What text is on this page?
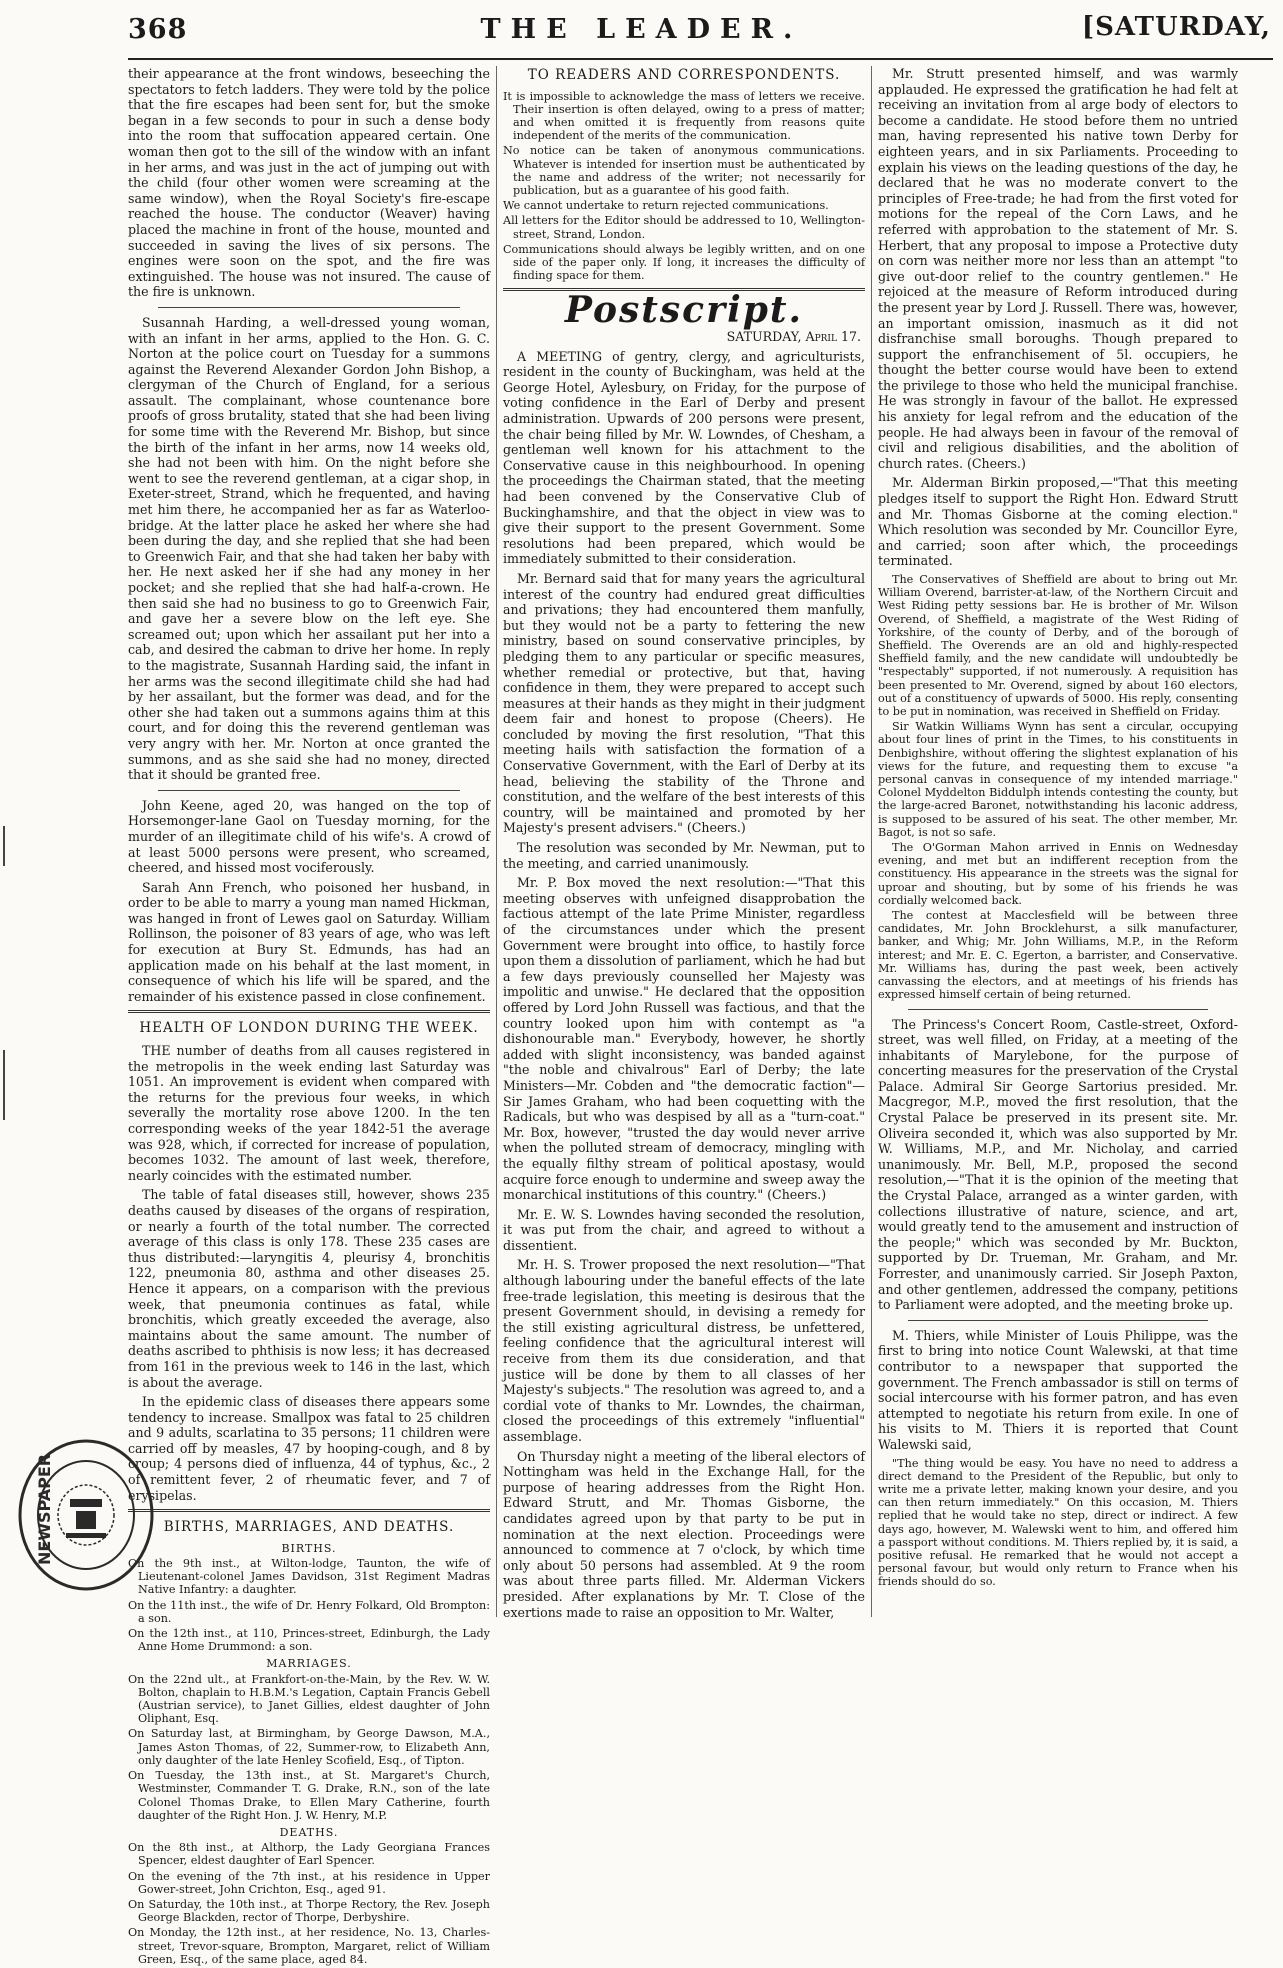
368	THE LEADER.	[SATURDAY,

their appearance at the front windows, beseeching the spectators to fetch ladders. They were told by the police that the fire escapes had been sent for, but the smoke began in a few seconds to pour in such a dense body into the room that suffocation appeared certain. One woman then got to the sill of the window with an infant in her arms, and was just in the act of jumping out with the child (four other women were screaming at the same window), when the Royal Society's fire-escape reached the house. The conductor (Weaver) having placed the machine in front of the house, mounted and succeeded in saving the lives of six persons. The engines were soon on the spot, and the fire was extinguished. The house was not insured. The cause of the fire is unknown.

Susannah Harding, a well-dressed young woman, with an infant in her arms, applied to the Hon. G. C. Norton at the police court on Tuesday for a summons against the Reverend Alexander Gordon John Bishop, a clergyman of the Church of England, for a serious assault. The complainant, whose countenance bore proofs of gross brutality, stated that she had been living for some time with the Reverend Mr. Bishop, but since the birth of the infant in her arms, now 14 weeks old, she had not been with him. On the night before she went to see the reverend gentleman, at a cigar shop, in Exeter-street, Strand, which he frequented, and having met him there, he accompanied her as far as Waterloo-bridge. At the latter place he asked her where she had been during the day, and she replied that she had been to Greenwich Fair, and that she had taken her baby with her. He next asked her if she had any money in her pocket; and she replied that she had half-a-crown. He then said she had no business to go to Greenwich Fair, and gave her a severe blow on the left eye. She screamed out; upon which her assailant put her into a cab, and desired the cabman to drive her home. In reply to the magistrate, Susannah Harding said, the infant in her arms was the second illegitimate child she had had by her assailant, but the former was dead, and for the other she had taken out a summons agains thim at this court, and for doing this the reverend gentleman was very angry with her. Mr. Norton at once granted the summons, and as she said she had no money, directed that it should be granted free.

John Keene, aged 20, was hanged on the top of Horsemonger-lane Gaol on Tuesday morning, for the murder of an illegitimate child of his wife's. A crowd of at least 5000 persons were present, who screamed, cheered, and hissed most vociferously.

Sarah Ann French, who poisoned her husband, in order to be able to marry a young man named Hickman, was hanged in front of Lewes gaol on Saturday. William Rollinson, the poisoner of 83 years of age, who was left for execution at Bury St. Edmunds, has had an application made on his behalf at the last moment, in consequence of which his life will be spared, and the remainder of his existence passed in close confinement.

HEALTH OF LONDON DURING THE WEEK.

THE number of deaths from all causes registered in the metropolis in the week ending last Saturday was 1051. An improvement is evident when compared with the returns for the previous four weeks, in which severally the mortality rose above 1200. In the ten corresponding weeks of the year 1842-51 the average was 928, which, if corrected for increase of population, becomes 1032. The amount of last week, therefore, nearly coincides with the estimated number.

The table of fatal diseases still, however, shows 235 deaths caused by diseases of the organs of respiration, or nearly a fourth of the total number. The corrected average of this class is only 178. These 235 cases are thus distributed:—laryngitis 4, pleurisy 4, bronchitis 122, pneumonia 80, asthma and other diseases 25. Hence it appears, on a comparison with the previous week, that pneumonia continues as fatal, while bronchitis, which greatly exceeded the average, also maintains about the same amount. The number of deaths ascribed to phthisis is now less; it has decreased from 161 in the previous week to 146 in the last, which is about the average.

In the epidemic class of diseases there appears some tendency to increase. Smallpox was fatal to 25 children and 9 adults, scarlatina to 35 persons; 11 children were carried off by measles, 47 by hooping-cough, and 8 by croup; 4 persons died of influenza, 44 of typhus, &c., 2 of remittent fever, 2 of rheumatic fever, and 7 of erysipelas.

BIRTHS, MARRIAGES, AND DEATHS.
BIRTHS.

On the 9th inst., at Wilton-lodge, Taunton, the wife of Lieutenant-colonel James Davidson, 31st Regiment Madras Native Infantry: a daughter.

On the 11th inst., the wife of Dr. Henry Folkard, Old Brompton: a son.

On the 12th inst., at 110, Princes-street, Edinburgh, the Lady Anne Home Drummond: a son.

MARRIAGES.

On the 22nd ult., at Frankfort-on-the-Main, by the Rev. W. W. Bolton, chaplain to H.B.M.'s Legation, Captain Francis Gebell (Austrian service), to Janet Gillies, eldest daughter of John Oliphant, Esq.

On Saturday last, at Birmingham, by George Dawson, M.A., James Aston Thomas, of 22, Summer-row, to Elizabeth Ann, only daughter of the late Henley Scofield, Esq., of Tipton.

On Tuesday, the 13th inst., at St. Margaret's Church, Westminster, Commander T. G. Drake, R.N., son of the late Colonel Thomas Drake, to Ellen Mary Catherine, fourth daughter of the Right Hon. J. W. Henry, M.P.

DEATHS.

On the 8th inst., at Althorp, the Lady Georgiana Frances Spencer, eldest daughter of Earl Spencer.

On the evening of the 7th inst., at his residence in Upper Gower-street, John Crichton, Esq., aged 91.

On Saturday, the 10th inst., at Thorpe Rectory, the Rev. Joseph George Blackden, rector of Thorpe, Derbyshire.

On Monday, the 12th inst., at her residence, No. 13, Charles-street, Trevor-square, Brompton, Margaret, relict of William Green, Esq., of the same place, aged 84.

TO READERS AND CORRESPONDENTS.

It is impossible to acknowledge the mass of letters we receive. Their insertion is often delayed, owing to a press of matter; and when omitted it is frequently from reasons quite independent of the merits of the communication.

No notice can be taken of anonymous communications. Whatever is intended for insertion must be authenticated by the name and address of the writer; not necessarily for publication, but as a guarantee of his good faith.

We cannot undertake to return rejected communications.

All letters for the Editor should be addressed to 10, Wellington-street, Strand, London.

Communications should always be legibly written, and on one side of the paper only. If long, it increases the difficulty of finding space for them.

Postscript.
SATURDAY, April 17.

A MEETING of gentry, clergy, and agriculturists, resident in the county of Buckingham, was held at the George Hotel, Aylesbury, on Friday, for the purpose of voting confidence in the Earl of Derby and present administration. Upwards of 200 persons were present, the chair being filled by Mr. W. Lowndes, of Chesham, a gentleman well known for his attachment to the Conservative cause in this neighbourhood. In opening the proceedings the Chairman stated, that the meeting had been convened by the Conservative Club of Buckinghamshire, and that the object in view was to give their support to the present Government. Some resolutions had been prepared, which would be immediately submitted to their consideration.

Mr. Bernard said that for many years the agricultural interest of the country had endured great difficulties and privations; they had encountered them manfully, but they would not be a party to fettering the new ministry, based on sound conservative principles, by pledging them to any particular or specific measures, whether remedial or protective, but that, having confidence in them, they were prepared to accept such measures at their hands as they might in their judgment deem fair and honest to propose (Cheers). He concluded by moving the first resolution, "That this meeting hails with satisfaction the formation of a Conservative Government, with the Earl of Derby at its head, believing the stability of the Throne and constitution, and the welfare of the best interests of this country, will be maintained and promoted by her Majesty's present advisers." (Cheers.)

The resolution was seconded by Mr. Newman, put to the meeting, and carried unanimously.

Mr. P. Box moved the next resolution:—"That this meeting observes with unfeigned disapprobation the factious attempt of the late Prime Minister, regardless of the circumstances under which the present Government were brought into office, to hastily force upon them a dissolution of parliament, which he had but a few days previously counselled her Majesty was impolitic and unwise." He declared that the opposition offered by Lord John Russell was factious, and that the country looked upon him with contempt as "a dishonourable man." Everybody, however, he shortly added with slight inconsistency, was banded against "the noble and chivalrous" Earl of Derby; the late Ministers—Mr. Cobden and "the democratic faction"—Sir James Graham, who had been coquetting with the Radicals, but who was despised by all as a "turn-coat." Mr. Box, however, "trusted the day would never arrive when the polluted stream of democracy, mingling with the equally filthy stream of political apostasy, would acquire force enough to undermine and sweep away the monarchical institutions of this country." (Cheers.)

Mr. E. W. S. Lowndes having seconded the resolution, it was put from the chair, and agreed to without a dissentient.

Mr. H. S. Trower proposed the next resolution—"That although labouring under the baneful effects of the late free-trade legislation, this meeting is desirous that the present Government should, in devising a remedy for the still existing agricultural distress, be unfettered, feeling confidence that the agricultural interest will receive from them its due consideration, and that justice will be done by them to all classes of her Majesty's subjects." The resolution was agreed to, and a cordial vote of thanks to Mr. Lowndes, the chairman, closed the proceedings of this extremely "influential" assemblage.

On Thursday night a meeting of the liberal electors of Nottingham was held in the Exchange Hall, for the purpose of hearing addresses from the Right Hon. Edward Strutt, and Mr. Thomas Gisborne, the candidates agreed upon by that party to be put in nomination at the next election. Proceedings were announced to commence at 7 o'clock, by which time only about 50 persons had assembled. At 9 the room was about three parts filled. Mr. Alderman Vickers presided. After explanations by Mr. T. Close of the exertions made to raise an opposition to Mr. Walter,

Mr. Strutt presented himself, and was warmly applauded. He expressed the gratification he had felt at receiving an invitation from al arge body of electors to become a candidate. He stood before them no untried man, having represented his native town Derby for eighteen years, and in six Parliaments. Proceeding to explain his views on the leading questions of the day, he declared that he was no moderate convert to the principles of Free-trade; he had from the first voted for motions for the repeal of the Corn Laws, and he referred with approbation to the statement of Mr. S. Herbert, that any proposal to impose a Protective duty on corn was neither more nor less than an attempt "to give out-door relief to the country gentlemen." He rejoiced at the measure of Reform introduced during the present year by Lord J. Russell. There was, however, an important omission, inasmuch as it did not disfranchise small boroughs. Though prepared to support the enfranchisement of 5l. occupiers, he thought the better course would have been to extend the privilege to those who held the municipal franchise. He was strongly in favour of the ballot. He expressed his anxiety for legal refrom and the education of the people. He had always been in favour of the removal of civil and religious disabilities, and the abolition of church rates. (Cheers.)

Mr. Alderman Birkin proposed,—"That this meeting pledges itself to support the Right Hon. Edward Strutt and Mr. Thomas Gisborne at the coming election." Which resolution was seconded by Mr. Councillor Eyre, and carried; soon after which, the proceedings terminated.

The Conservatives of Sheffield are about to bring out Mr. William Overend, barrister-at-law, of the Northern Circuit and West Riding petty sessions bar. He is brother of Mr. Wilson Overend, of Sheffield, a magistrate of the West Riding of Yorkshire, of the county of Derby, and of the borough of Sheffield. The Overends are an old and highly-respected Sheffield family, and the new candidate will undoubtedly be "respectably" supported, if not numerously. A requisition has been presented to Mr. Overend, signed by about 160 electors, out of a constituency of upwards of 5000. His reply, consenting to be put in nomination, was received in Sheffield on Friday.

Sir Watkin Williams Wynn has sent a circular, occupying about four lines of print in the Times, to his constituents in Denbighshire, without offering the slightest explanation of his views for the future, and requesting them to excuse "a personal canvas in consequence of my intended marriage." Colonel Myddelton Biddulph intends contesting the county, but the large-acred Baronet, notwithstanding his laconic address, is supposed to be assured of his seat. The other member, Mr. Bagot, is not so safe.

The O'Gorman Mahon arrived in Ennis on Wednesday evening, and met but an indifferent reception from the constituency. His appearance in the streets was the signal for uproar and shouting, but by some of his friends he was cordially welcomed back.

The contest at Macclesfield will be between three candidates, Mr. John Brocklehurst, a silk manufacturer, banker, and Whig; Mr. John Williams, M.P., in the Reform interest; and Mr. E. C. Egerton, a barrister, and Conservative. Mr. Williams has, during the past week, been actively canvassing the electors, and at meetings of his friends has expressed himself certain of being returned.

The Princess's Concert Room, Castle-street, Oxford-street, was well filled, on Friday, at a meeting of the inhabitants of Marylebone, for the purpose of concerting measures for the preservation of the Crystal Palace. Admiral Sir George Sartorius presided. Mr. Macgregor, M.P., moved the first resolution, that the Crystal Palace be preserved in its present site. Mr. Oliveira seconded it, which was also supported by Mr. W. Williams, M.P., and Mr. Nicholay, and carried unanimously. Mr. Bell, M.P., proposed the second resolution,—"That it is the opinion of the meeting that the Crystal Palace, arranged as a winter garden, with collections illustrative of nature, science, and art, would greatly tend to the amusement and instruction of the people;" which was seconded by Mr. Buckton, supported by Dr. Trueman, Mr. Graham, and Mr. Forrester, and unanimously carried. Sir Joseph Paxton, and other gentlemen, addressed the company, petitions to Parliament were adopted, and the meeting broke up.

M. Thiers, while Minister of Louis Philippe, was the first to bring into notice Count Walewski, at that time contributor to a newspaper that supported the government. The French ambassador is still on terms of social intercourse with his former patron, and has even attempted to negotiate his return from exile. In one of his visits to M. Thiers it is reported that Count Walewski said,

"The thing would be easy. You have no need to address a direct demand to the President of the Republic, but only to write me a private letter, making known your desire, and you can then return immediately." On this occasion, M. Thiers replied that he would take no step, direct or indirect. A few days ago, however, M. Walewski went to him, and offered him a passport without conditions. M. Thiers replied by, it is said, a positive refusal. He remarked that he would not accept a personal favour, but would only return to France when his friends should do so.

NEWSPAPER
